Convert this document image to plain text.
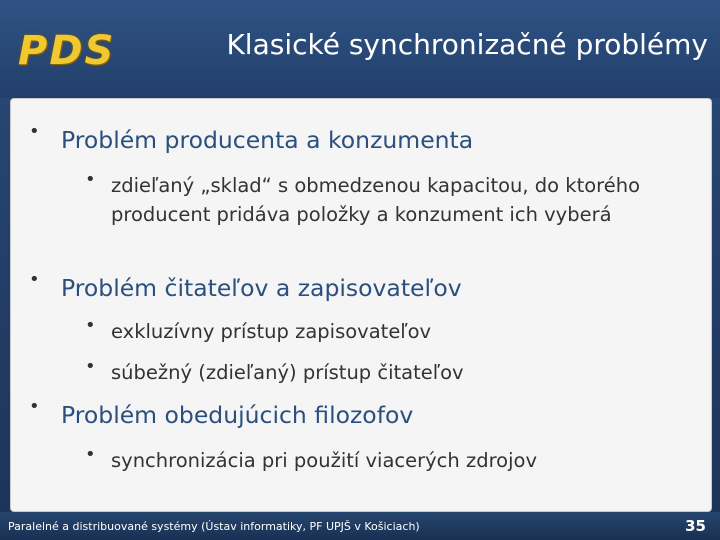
PDS	Klasické synchronizačné problémy
• Problém producenta a konzumenta
• zdieľaný „sklad“ s obmedzenou kapacitou, do ktorého producent pridáva položky a konzument ich vyberá
• Problém čitateľov a zapisovateľov
• exkluzívny prístup zapisovateľov
• súbežný (zdieľaný) prístup čitateľov
• Problém obedujúcich filozofov
• synchronizácia pri použití viacerých zdrojov
Paralelné a distribuované systémy (Ústav informatiky, PF UPJŠ v Košiciach)	35
